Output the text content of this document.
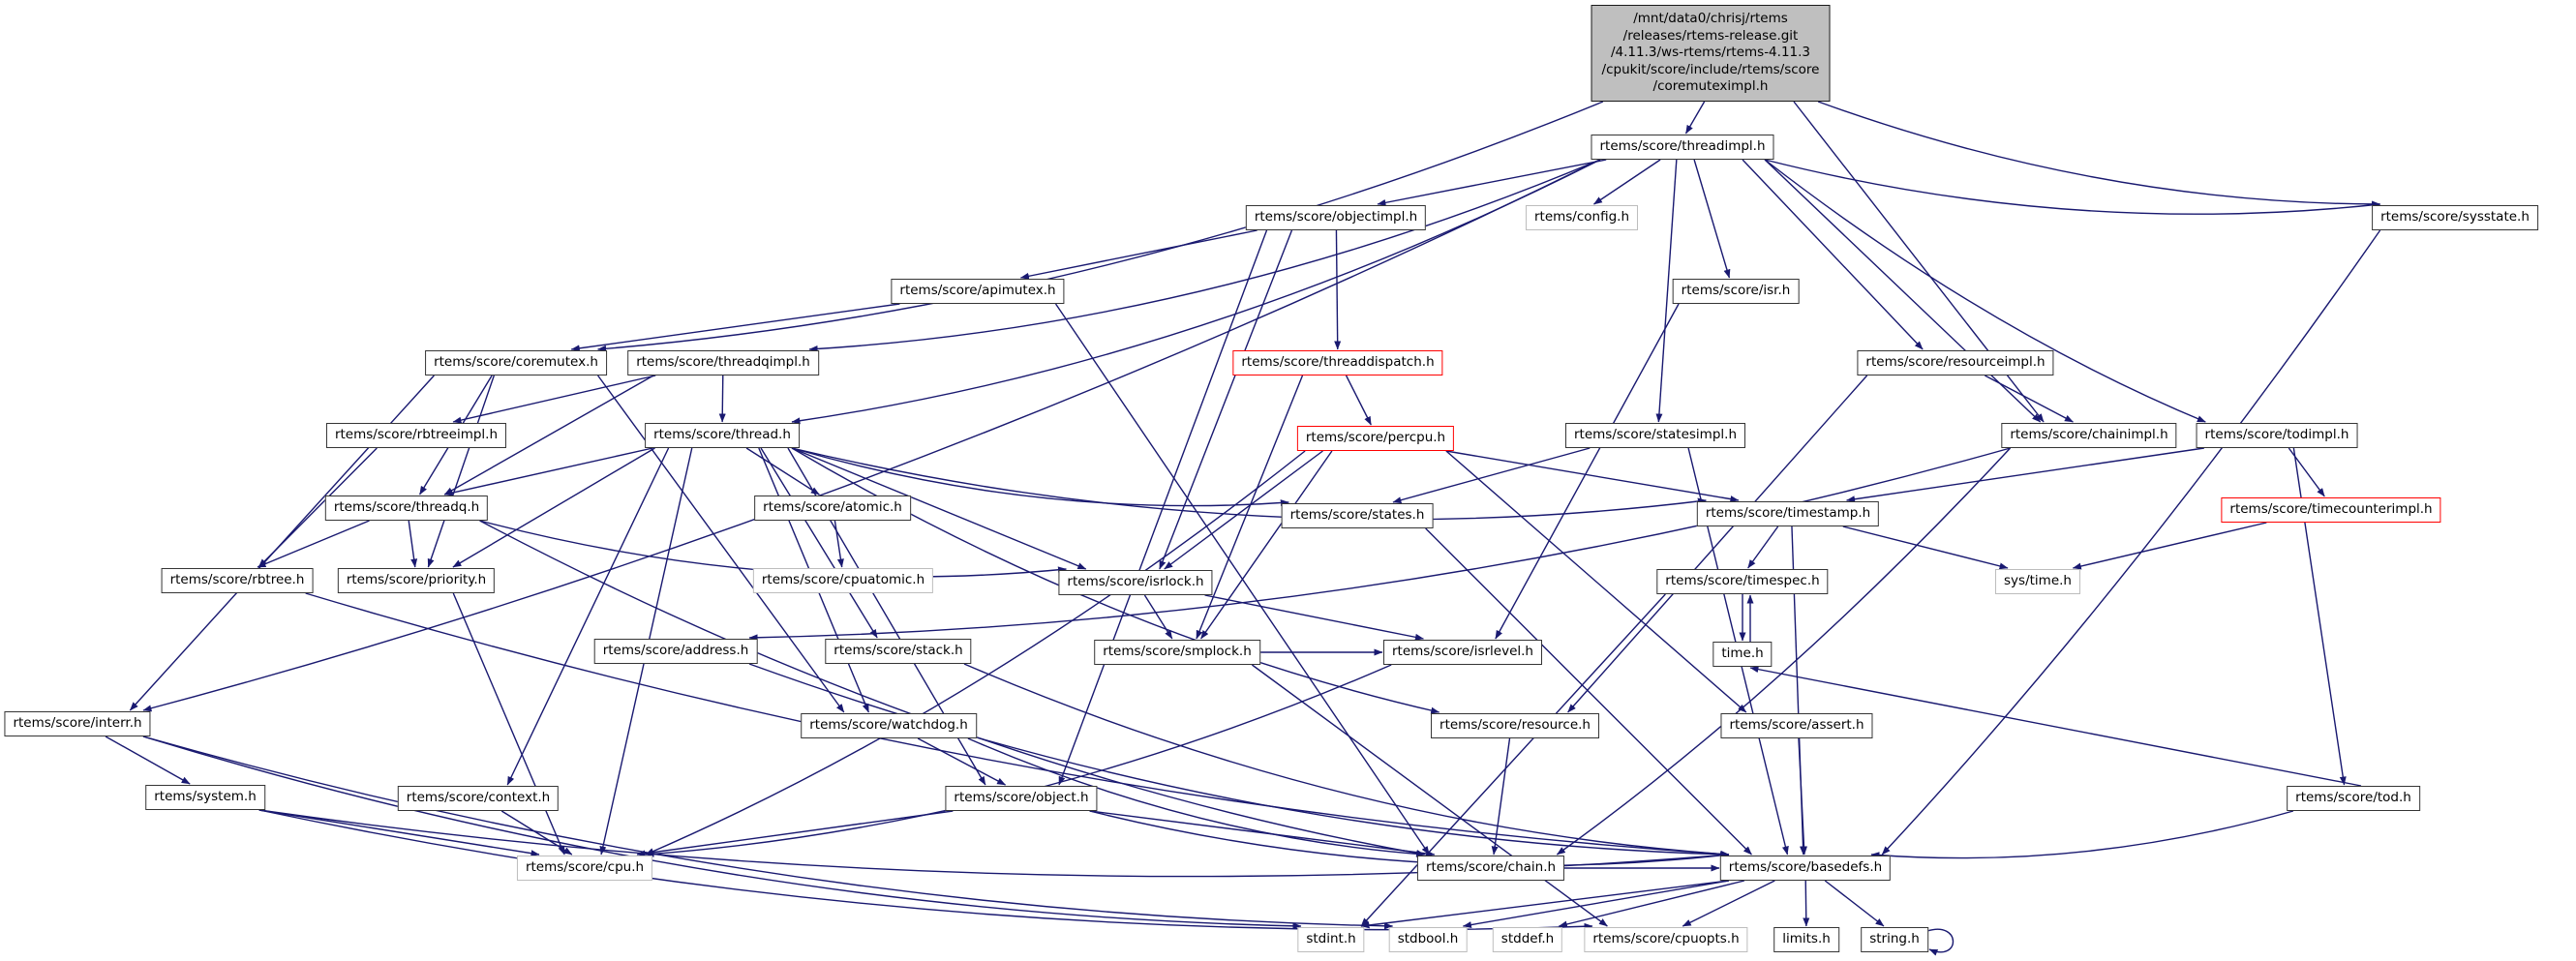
/mnt/data0/chrisj/rtems
/releases/rtems-release.git
/4.11.3/ws-rtems/rtems-4.11.3
/cpukit/score/include/rtems/score
/coremuteximpl.h
rtems/score/threadimpl.h
rtems/score/sysstate.h
rtems/score/objectimpl.h	rtems/config.h
rtems/score/apimutex.h	rtems/score/isr.h
rtems/score/coremutex.h	rtems/score/threadqimpl.h	rtems/score/threaddispatch.h	rtems/score/resourceimpl.h
rtems/score/rbtreeimpl.h	rtems/score/thread.h	rtems/score/percpu.h	rtems/score/statesimpl.h	rtems/score/chainimpl.h	rtems/score/todimpl.h
rtems/score/threadq.h	rtems/score/atomic.h	rtems/score/states.h	rtems/score/timestamp.h	rtems/score/timecounterimpl.h
rtems/score/rbtree.h	rtems/score/priority.h	rtems/score/cpuatomic.h	rtems/score/isrlock.h	rtems/score/timespec.h	sys/time.h
rtems/score/address.h	rtems/score/stack.h	rtems/score/smplock.h	rtems/score/isrlevel.h	time.h
rtems/score/interr.h	rtems/score/watchdog.h	rtems/score/resource.h	rtems/score/assert.h
rtems/system.h	rtems/score/context.h	rtems/score/object.h	rtems/score/tod.h
rtems/score/cpu.h	rtems/score/chain.h	rtems/score/basedefs.h
stdint.h	stdbool.h	stddef.h	rtems/score/cpuopts.h	limits.h	string.h
